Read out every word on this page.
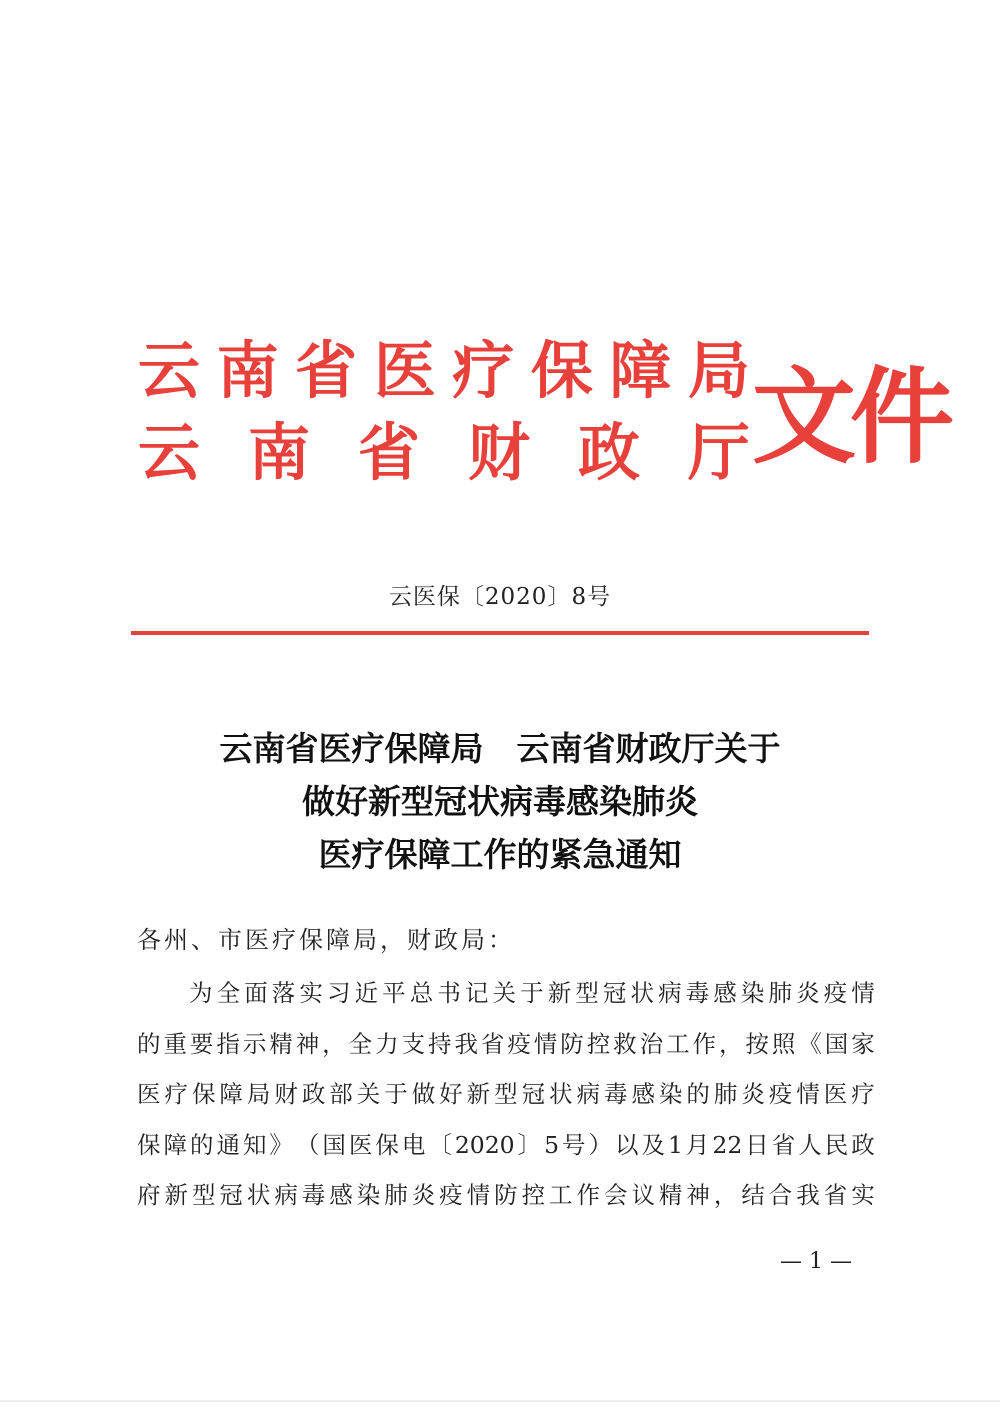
云 南 省 医 疗 保 障 局
云 南 省 财 政 厅 文件
云医保〔2020〕8号
云南省医疗保障局　云南省财政厅关于
做好新型冠状病毒感染肺炎
医疗保障工作的紧急通知
各州、市医疗保障局，财政局：
为 全 面 落 实 习 近 平 总 书 记 关 于 新 型 冠 状 病 毒 感 染 肺 炎 疫 情
的 重 要 指 示 精 神 ， 全 力 支 持 我 省 疫 情 防 控 救 治 工 作 ， 按 照 《 国 家
医 疗 保 障 局 财 政 部 关 于 做 好 新 型 冠 状 病 毒 感 染 的 肺 炎 疫 情 医 疗
保 障 的 通 知 》 （ 国 医 保 电 〔 2020 〕 5 号 ） 以 及 1 月 22 日 省 人 民 政
府 新 型 冠 状 病 毒 感 染 肺 炎 疫 情 防 控 工 作 会 议 精 神 ， 结 合 我 省 实
— 1 —
